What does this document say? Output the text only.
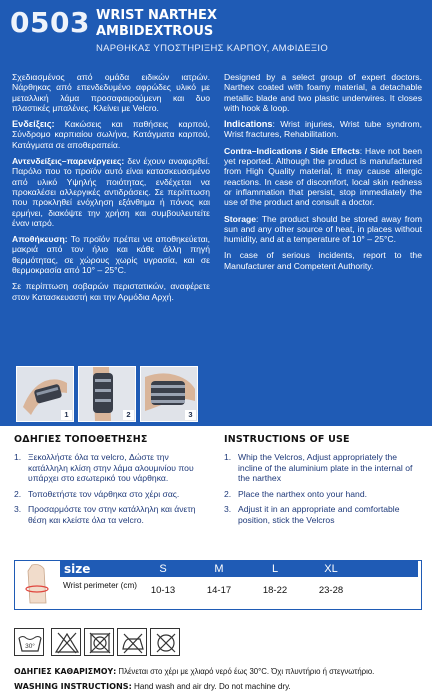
0503 WRIST NARTHEX
AMBIDEXTROUS
ΝΑΡΘΗΚΑΣ ΥΠΟΣΤΗΡΙΞΗΣ ΚΑΡΠΟΥ, ΑΜΦΙΔΕΞΙΟ

Σχεδιασμένος από ομάδα ειδικών ιατρών. Νάρθηκας από επενδεδυμένο αφρώδες υλικό με μεταλλική λάμα προσαφαιρούμενη και δυο πλαστικές μπαλένες. Κλείνει με Velcro.

Ενδείξεις: Κακώσεις και παθήσεις καρπού, Σύνδρομο καρπιαίου σωλήνα, Κατάγματα καρπού, Κατάγματα σε αποθεραπεία.

Αντενδείξεις–παρενέργειες: δεν έχουν αναφερθεί. Παρόλο που το προϊόν αυτό είναι κατασκευασμένο από υλικό Υψηλής ποιότητας, ενδέχεται να προκαλέσει αλλεργικές αντιδράσεις. Σε περίπτωση που προκληθεί ενόχληση εξάνθημα ή πόνος και ερμήνει, διακόψτε την χρήση και συμβουλευτείτε έναν ιατρό.

Αποθήκευση: Το προϊόν πρέπει να αποθηκεύεται, μακριά από τον ήλιο και κάθε άλλη πηγή θερμότητας, σε χώρους χωρίς υγρασία, και σε θερμοκρασία από 10° – 25°C.

Σε περίπτωση σοβαρών περιστατικών, αναφέρετε στον Κατασκευαστή και την Αρμόδια Αρχή.

Designed by a select group of expert doctors. Narthex coated with foamy material, a detachable metallic blade and two plastic underwires. It closes with hook & loop.

Indications: Wrist injuries, Wrist tube syndrom, Wrist fractures, Rehabilitation.

Contra–Indications / Side Effects: Have not been yet reported. Although the product is manufactured from High Quality material, it may cause allergic reactions. In case of discomfort, local skin redness or inflammation that persist, stop immediately the use of the product and consult a doctor.

Storage: The product should be stored away from sun and any other source of heat, in places without humidity, and at a temperature of 10° – 25°C.

In case of serious incidents, report to the Manufacturer and Competent Authority.

1	2	3
ΟΔΗΓΙΕΣ ΤΟΠΟΘΕΤΗΣΗΣ
1. Ξεκολλήστε όλα τα velcro, Δώστε την κατάλληλη κλίση στην λάμα αλουμινίου που υπάρχει στο εσωτερικό του νάρθηκα.
2. Τοποθετήστε τον νάρθηκα στο χέρι σας.
3. Προσαρμόστε τον στην κατάλληλη και άνετη θέση και κλείστε όλα τα velcro.
INSTRUCTIONS OF USE
1. Whip the Velcros, Adjust appropriately the incline of the aluminium plate in the internal of the narthex
2. Place the narthex onto your hand.
3. Adjust it in an appropriate and comfortable position, stick the Velcros
size	S	M	L	XL
Wrist perimeter (cm)	10-13	14-17	18-22	23-28
30°
ΟΔΗΓΙΕΣ ΚΑΘΑΡΙΣΜΟΥ: Πλένεται στο χέρι με χλιαρό νερό έως 30°C. Όχι πλυντήριο ή στεγνωτήριο.
WASHING INSTRUCTIONS: Hand wash and air dry. Do not machine dry.
